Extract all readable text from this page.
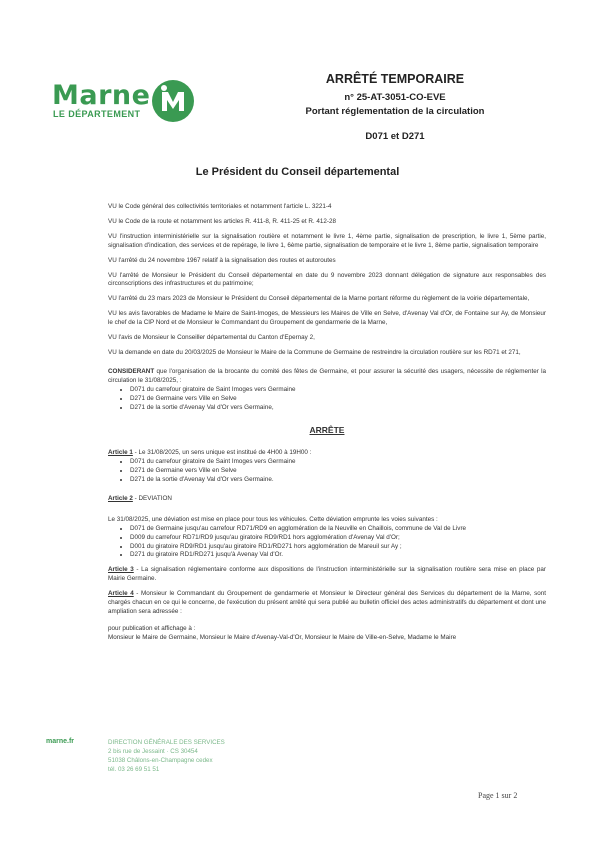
Marne
LE DÉPARTEMENT
ARRÊTÉ TEMPORAIRE
n° 25-AT-3051-CO-EVE
Portant réglementation de la circulation
D071 et D271
Le Président du Conseil départemental

VU le Code général des collectivités territoriales et notamment l'article L. 3221-4

VU le Code de la route et notamment les articles R. 411-8, R. 411-25 et R. 412-28

VU l'instruction interministérielle sur la signalisation routière et notamment le livre 1, 4ème partie, signalisation de prescription, le livre 1, 5ème partie, signalisation d'indication, des services et de repérage, le livre 1, 6ème partie, signalisation de temporaire et le livre 1, 8ème partie, signalisation temporaire

VU l'arrêté du 24 novembre 1967 relatif à la signalisation des routes et autoroutes

VU l'arrêté de Monsieur le Président du Conseil départemental en date du 9 novembre 2023 donnant délégation de signature aux responsables des circonscriptions des infrastructures et du patrimoine;

VU l'arrêté du 23 mars 2023 de Monsieur le Président du Conseil départemental de la Marne portant réforme du règlement de la voirie départementale,

VU les avis favorables de Madame le Maire de Saint-Imoges, de Messieurs les Maires de Ville en Selve, d'Avenay Val d'Or, de Fontaine sur Ay, de Monsieur le chef de la CIP Nord et de Monsieur le Commandant du Groupement de gendarmerie de la Marne,

VU l'avis de Monsieur le Conseiller départemental du Canton d'Epernay 2,

VU la demande en date du 20/03/2025 de Monsieur le Maire de la Commune de Germaine de restreindre la circulation routière sur les RD71 et 271,

CONSIDERANT que l'organisation de la brocante du comité des fêtes de Germaine, et pour assurer la sécurité des usagers, nécessite de réglementer la circulation le 31/08/2025, :

• D071 du carrefour giratoire de Saint Imoges vers Germaine
• D271 de Germaine vers Ville en Selve
• D271 de la sortie d'Avenay Val d'Or vers Germaine,

ARRÊTE

Article 1 - Le 31/08/2025, un sens unique est institué de 4H00 à 19H00 :

• D071 du carrefour giratoire de Saint Imoges vers Germaine
• D271 de Germaine vers Ville en Selve
• D271 de la sortie d'Avenay Val d'Or vers Germaine.

Article 2 - DEVIATION

Le 31/08/2025, une déviation est mise en place pour tous les véhicules. Cette déviation emprunte les voies suivantes :

• D071 de Germaine jusqu'au carrefour RD71/RD9 en agglomération de la Neuville en Chaillois, commune de Val de Livre
• D009 du carrefour RD71/RD9 jusqu'au giratoire RD9/RD1 hors agglomération d'Avenay Val d'Or;
• D001 du giratoire RD9/RD1 jusqu'au giratoire RD1/RD271 hors agglomération de Mareuil sur Ay ;
• D271 du giratoire RD1/RD271 jusqu'à Avenay Val d'Or.

Article 3 - La signalisation réglementaire conforme aux dispositions de l'instruction interministérielle sur la signalisation routière sera mise en place par Mairie Germaine.

Article 4 - Monsieur le Commandant du Groupement de gendarmerie et Monsieur le Directeur général des Services du département de la Marne, sont chargés chacun en ce qui le concerne, de l'exécution du présent arrêté qui sera publié au bulletin officiel des actes administratifs du département et dont une ampliation sera adressée :

pour publication et affichage à :
Monsieur le Maire de Germaine, Monsieur le Maire d'Avenay-Val-d'Or, Monsieur le Maire de Ville-en-Selve, Madame le Maire

marne.fr	DIRECTION GÉNÉRALE DES SERVICES
2 bis rue de Jessaint · CS 30454
51038 Châlons-en-Champagne cedex
tél. 03 26 69 51 51
Page 1 sur 2
